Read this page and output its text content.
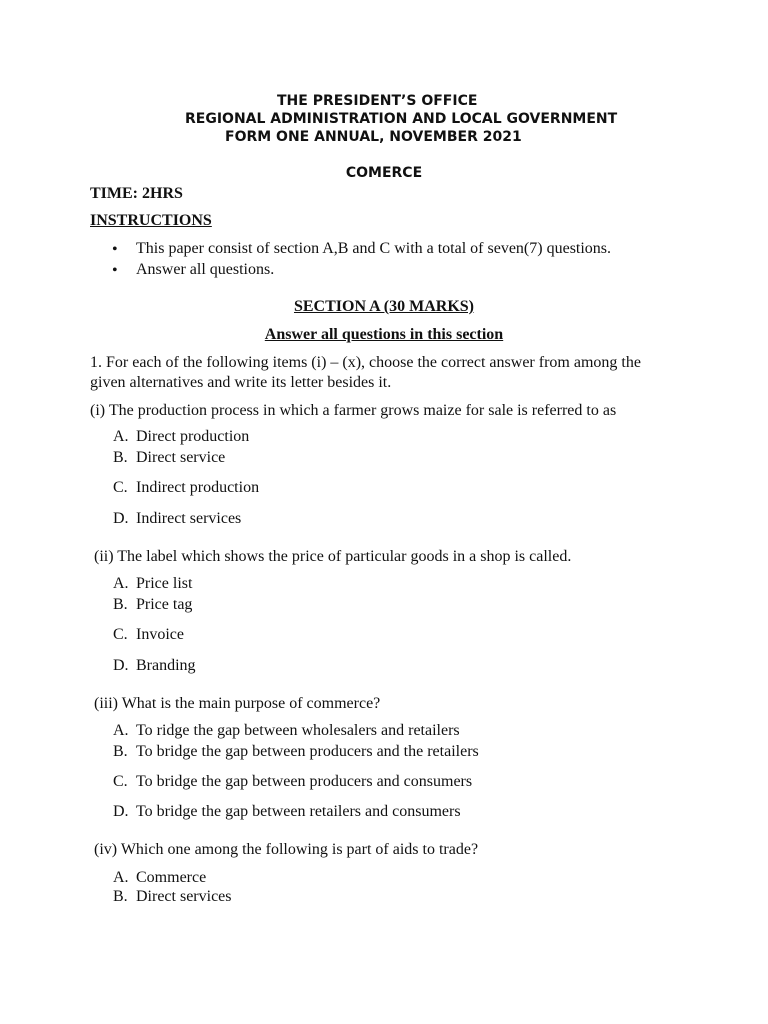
THE PRESIDENT’S OFFICE
REGIONAL ADMINISTRATION AND LOCAL GOVERNMENT
FORM ONE ANNUAL, NOVEMBER 2021
COMERCE
TIME: 2HRS
INSTRUCTIONS
• This paper consist of section A,B and C with a total of seven(7) questions.
• Answer all questions.
SECTION A (30 MARKS)
Answer all questions in this section
1. For each of the following items (i) – (x), choose the correct answer from among the
given alternatives and write its letter besides it.
(i) The production process in which a farmer grows maize for sale is referred to as
A. Direct production
B. Direct service
C. Indirect production
D. Indirect services
(ii) The label which shows the price of particular goods in a shop is called.
A. Price list
B. Price tag
C. Invoice
D. Branding
(iii) What is the main purpose of commerce?
A. To ridge the gap between wholesalers and retailers
B. To bridge the gap between producers and the retailers
C. To bridge the gap between producers and consumers
D. To bridge the gap between retailers and consumers
(iv) Which one among the following is part of aids to trade?
A. Commerce
B. Direct services
